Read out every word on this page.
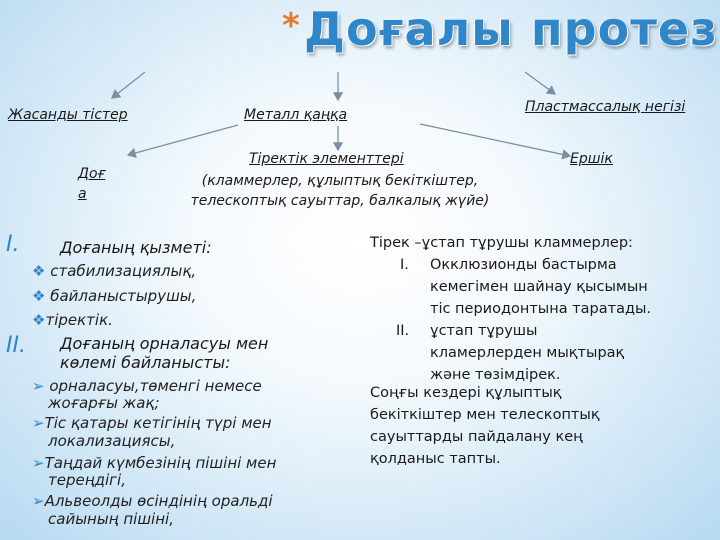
* Доғалы протез
Жасанды тістер	Металл қаңқа	Пластмассалық негізі
Доғ а
Тіректік элементтері
(кламмерлер, құлыптық бекіткіштер,
телескоптық сауыттар, балкалық жүйе)
Ершік
I.	Доғаның қызметі:
❖ стабилизациялық,
❖ байланыстырушы,
❖тіректік.
II. Доғаның орналасуы мен
көлемі байланысты:
➢ орналасуы,төменгі немесе
жоғарғы жақ;
➢Тіс қатары кетігінің түрі мен
локализациясы,
➢Таңдай күмбезінің пішіні мен
тереңдігі,
➢Альвеолды өсіндінің оральді
сайының пішіні,
Тірек –ұстап тұрушы кламмерлер:
I. Окклюзионды бастырма
кемегімен шайнау қысымын
тіс периодонтына таратады.
II. ұстап тұрушы
кламерлерден мықтырақ
және төзімдірек.
Соңғы кездері құлыптық
бекіткіштер мен телескоптық
сауыттарды пайдалану кең
қолданыс тапты.
